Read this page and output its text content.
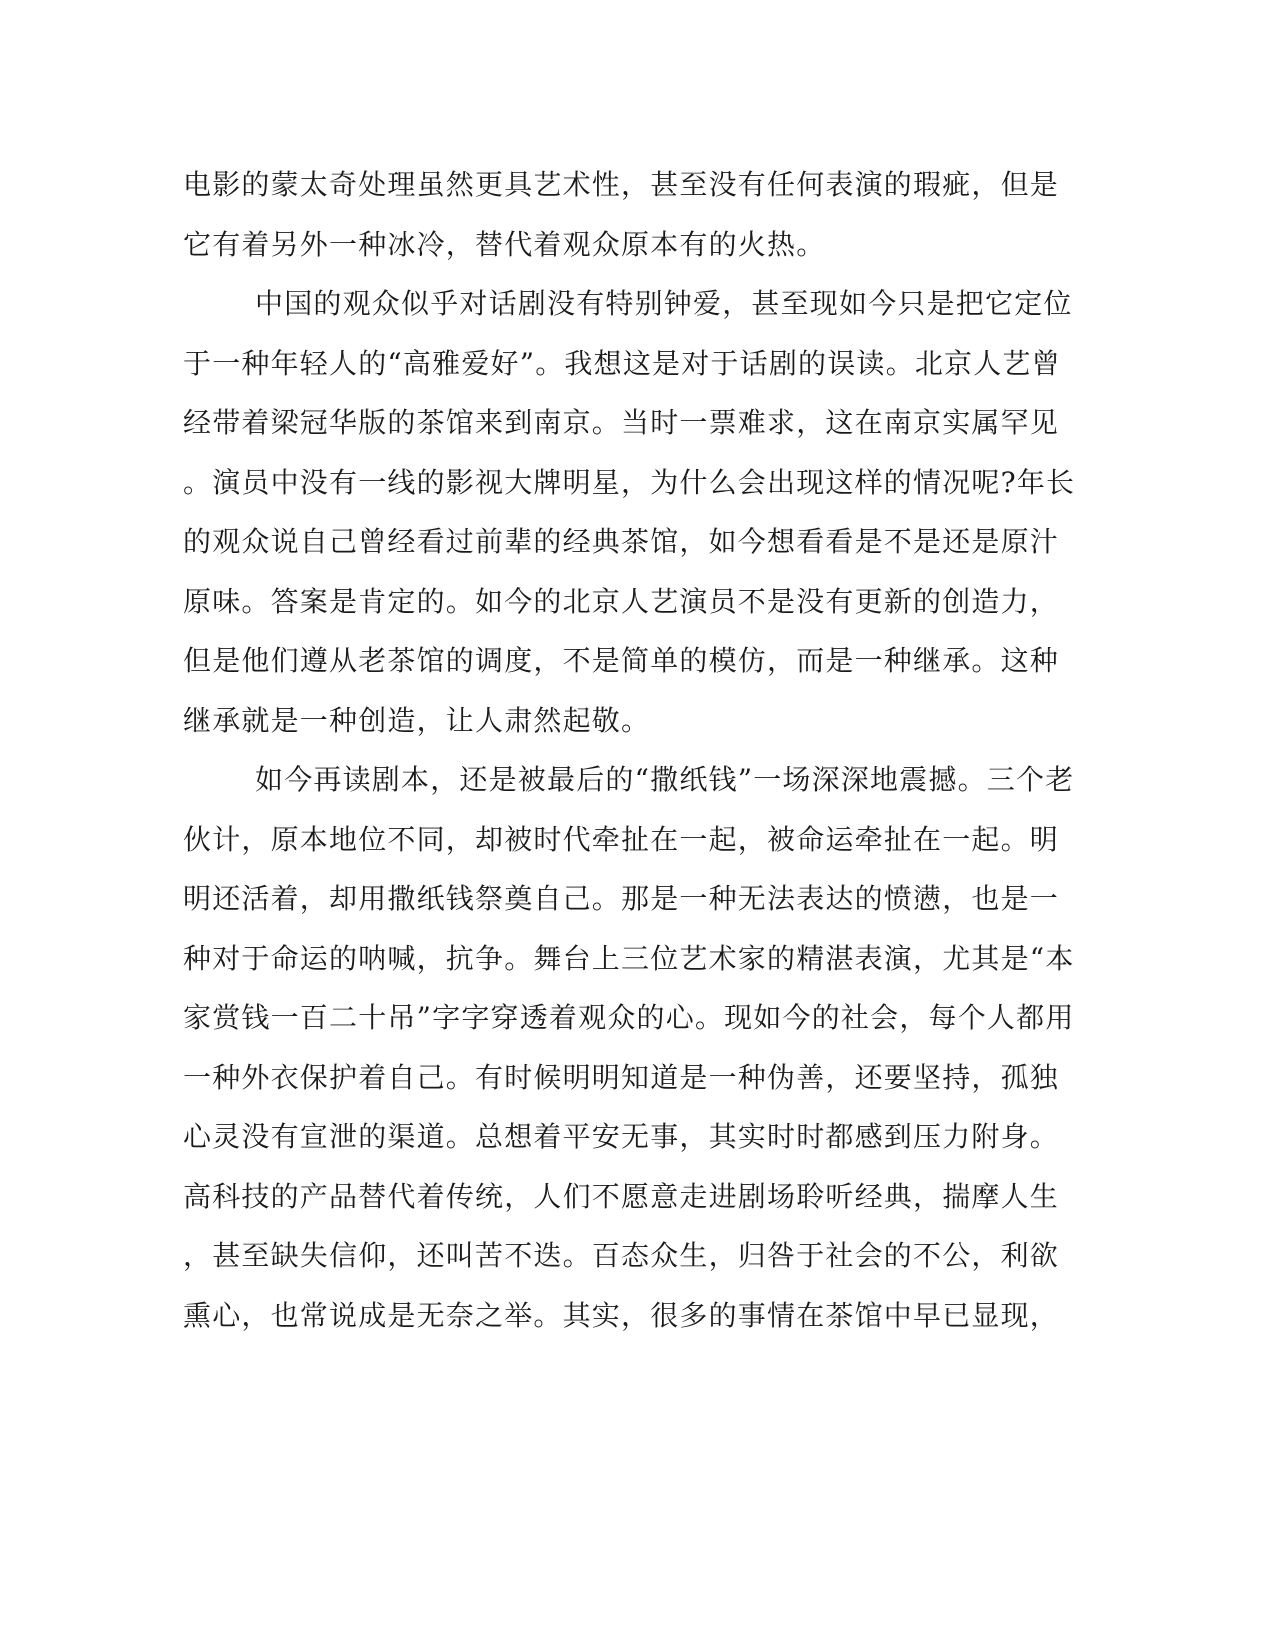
电影的蒙太奇处理虽然更具艺术性，甚至没有任何表演的瑕疵，但是
它有着另外一种冰冷，替代着观众原本有的火热。
中国的观众似乎对话剧没有特别钟爱，甚至现如今只是把它定位
于一种年轻人的“高雅爱好”。我想这是对于话剧的误读。北京人艺曾
经带着梁冠华版的茶馆来到南京。当时一票难求，这在南京实属罕见
。演员中没有一线的影视大牌明星，为什么会出现这样的情况呢?年长
的观众说自己曾经看过前辈的经典茶馆，如今想看看是不是还是原汁
原味。答案是肯定的。如今的北京人艺演员不是没有更新的创造力，
但是他们遵从老茶馆的调度，不是简单的模仿，而是一种继承。这种
继承就是一种创造，让人肃然起敬。
如今再读剧本，还是被最后的“撒纸钱”一场深深地震撼。三个老
伙计，原本地位不同，却被时代牵扯在一起，被命运牵扯在一起。明
明还活着，却用撒纸钱祭奠自己。那是一种无法表达的愤懑，也是一
种对于命运的呐喊，抗争。舞台上三位艺术家的精湛表演，尤其是“本
家赏钱一百二十吊”字字穿透着观众的心。现如今的社会，每个人都用
一种外衣保护着自己。有时候明明知道是一种伪善，还要坚持，孤独
心灵没有宣泄的渠道。总想着平安无事，其实时时都感到压力附身。
高科技的产品替代着传统，人们不愿意走进剧场聆听经典，揣摩人生
，甚至缺失信仰，还叫苦不迭。百态众生，归咎于社会的不公，利欲
熏心，也常说成是无奈之举。其实，很多的事情在茶馆中早已显现，
